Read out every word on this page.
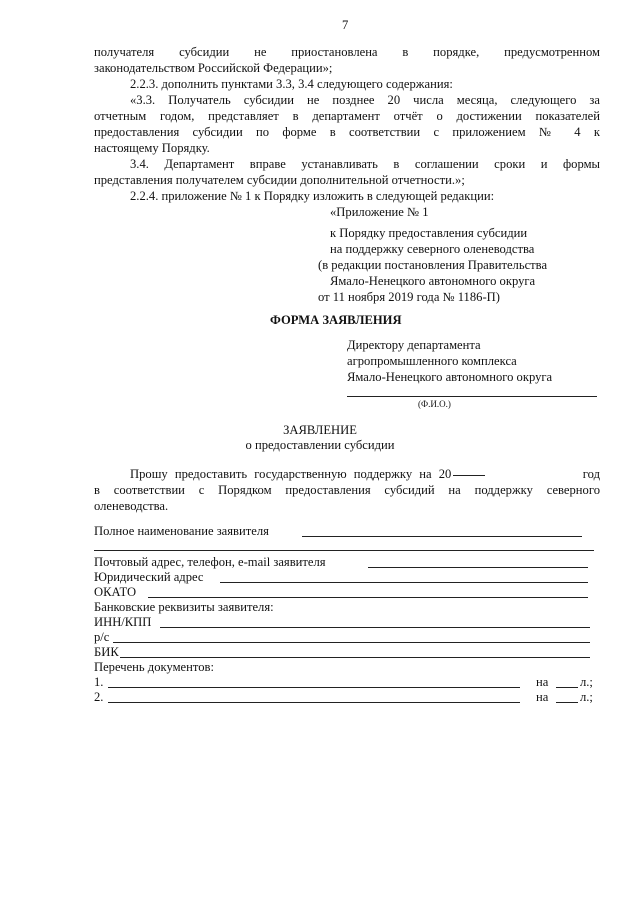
7
получателя субсидии не приостановлена в порядке, предусмотренном
законодательством Российской Федерации»;
2.2.3. дополнить пунктами 3.3, 3.4 следующего содержания:
«3.3. Получатель субсидии не позднее 20 числа месяца, следующего за
отчетным годом, представляет в департамент отчёт о достижении показателей
предоставления субсидии по форме в соответствии с приложением № 4 к
настоящему Порядку.
3.4. Департамент вправе устанавливать в соглашении сроки и формы
представления получателем субсидии дополнительной отчетности.»;
2.2.4. приложение № 1 к Порядку изложить в следующей редакции:
«Приложение № 1
к Порядку предоставления субсидии
на поддержку северного оленеводства
(в редакции постановления Правительства
Ямало-Ненецкого автономного округа
от 11 ноября 2019 года № 1186-П)
ФОРМА ЗАЯВЛЕНИЯ
Директору департамента
агропромышленного комплекса
Ямало-Ненецкого автономного округа
(Ф.И.О.)
ЗАЯВЛЕНИЕ
о предоставлении субсидии
Прошу предоставить государственную поддержку на 20	год
в соответствии с Порядком предоставления субсидий на поддержку северного
оленеводства.
Полное наименование заявителя
Почтовый адрес, телефон, e-mail заявителя
Юридический адрес
ОКАТО
Банковские реквизиты заявителя:
ИНН/КПП
р/с
БИК
Перечень документов:
1.	на	л.;
2.	на	л.;
